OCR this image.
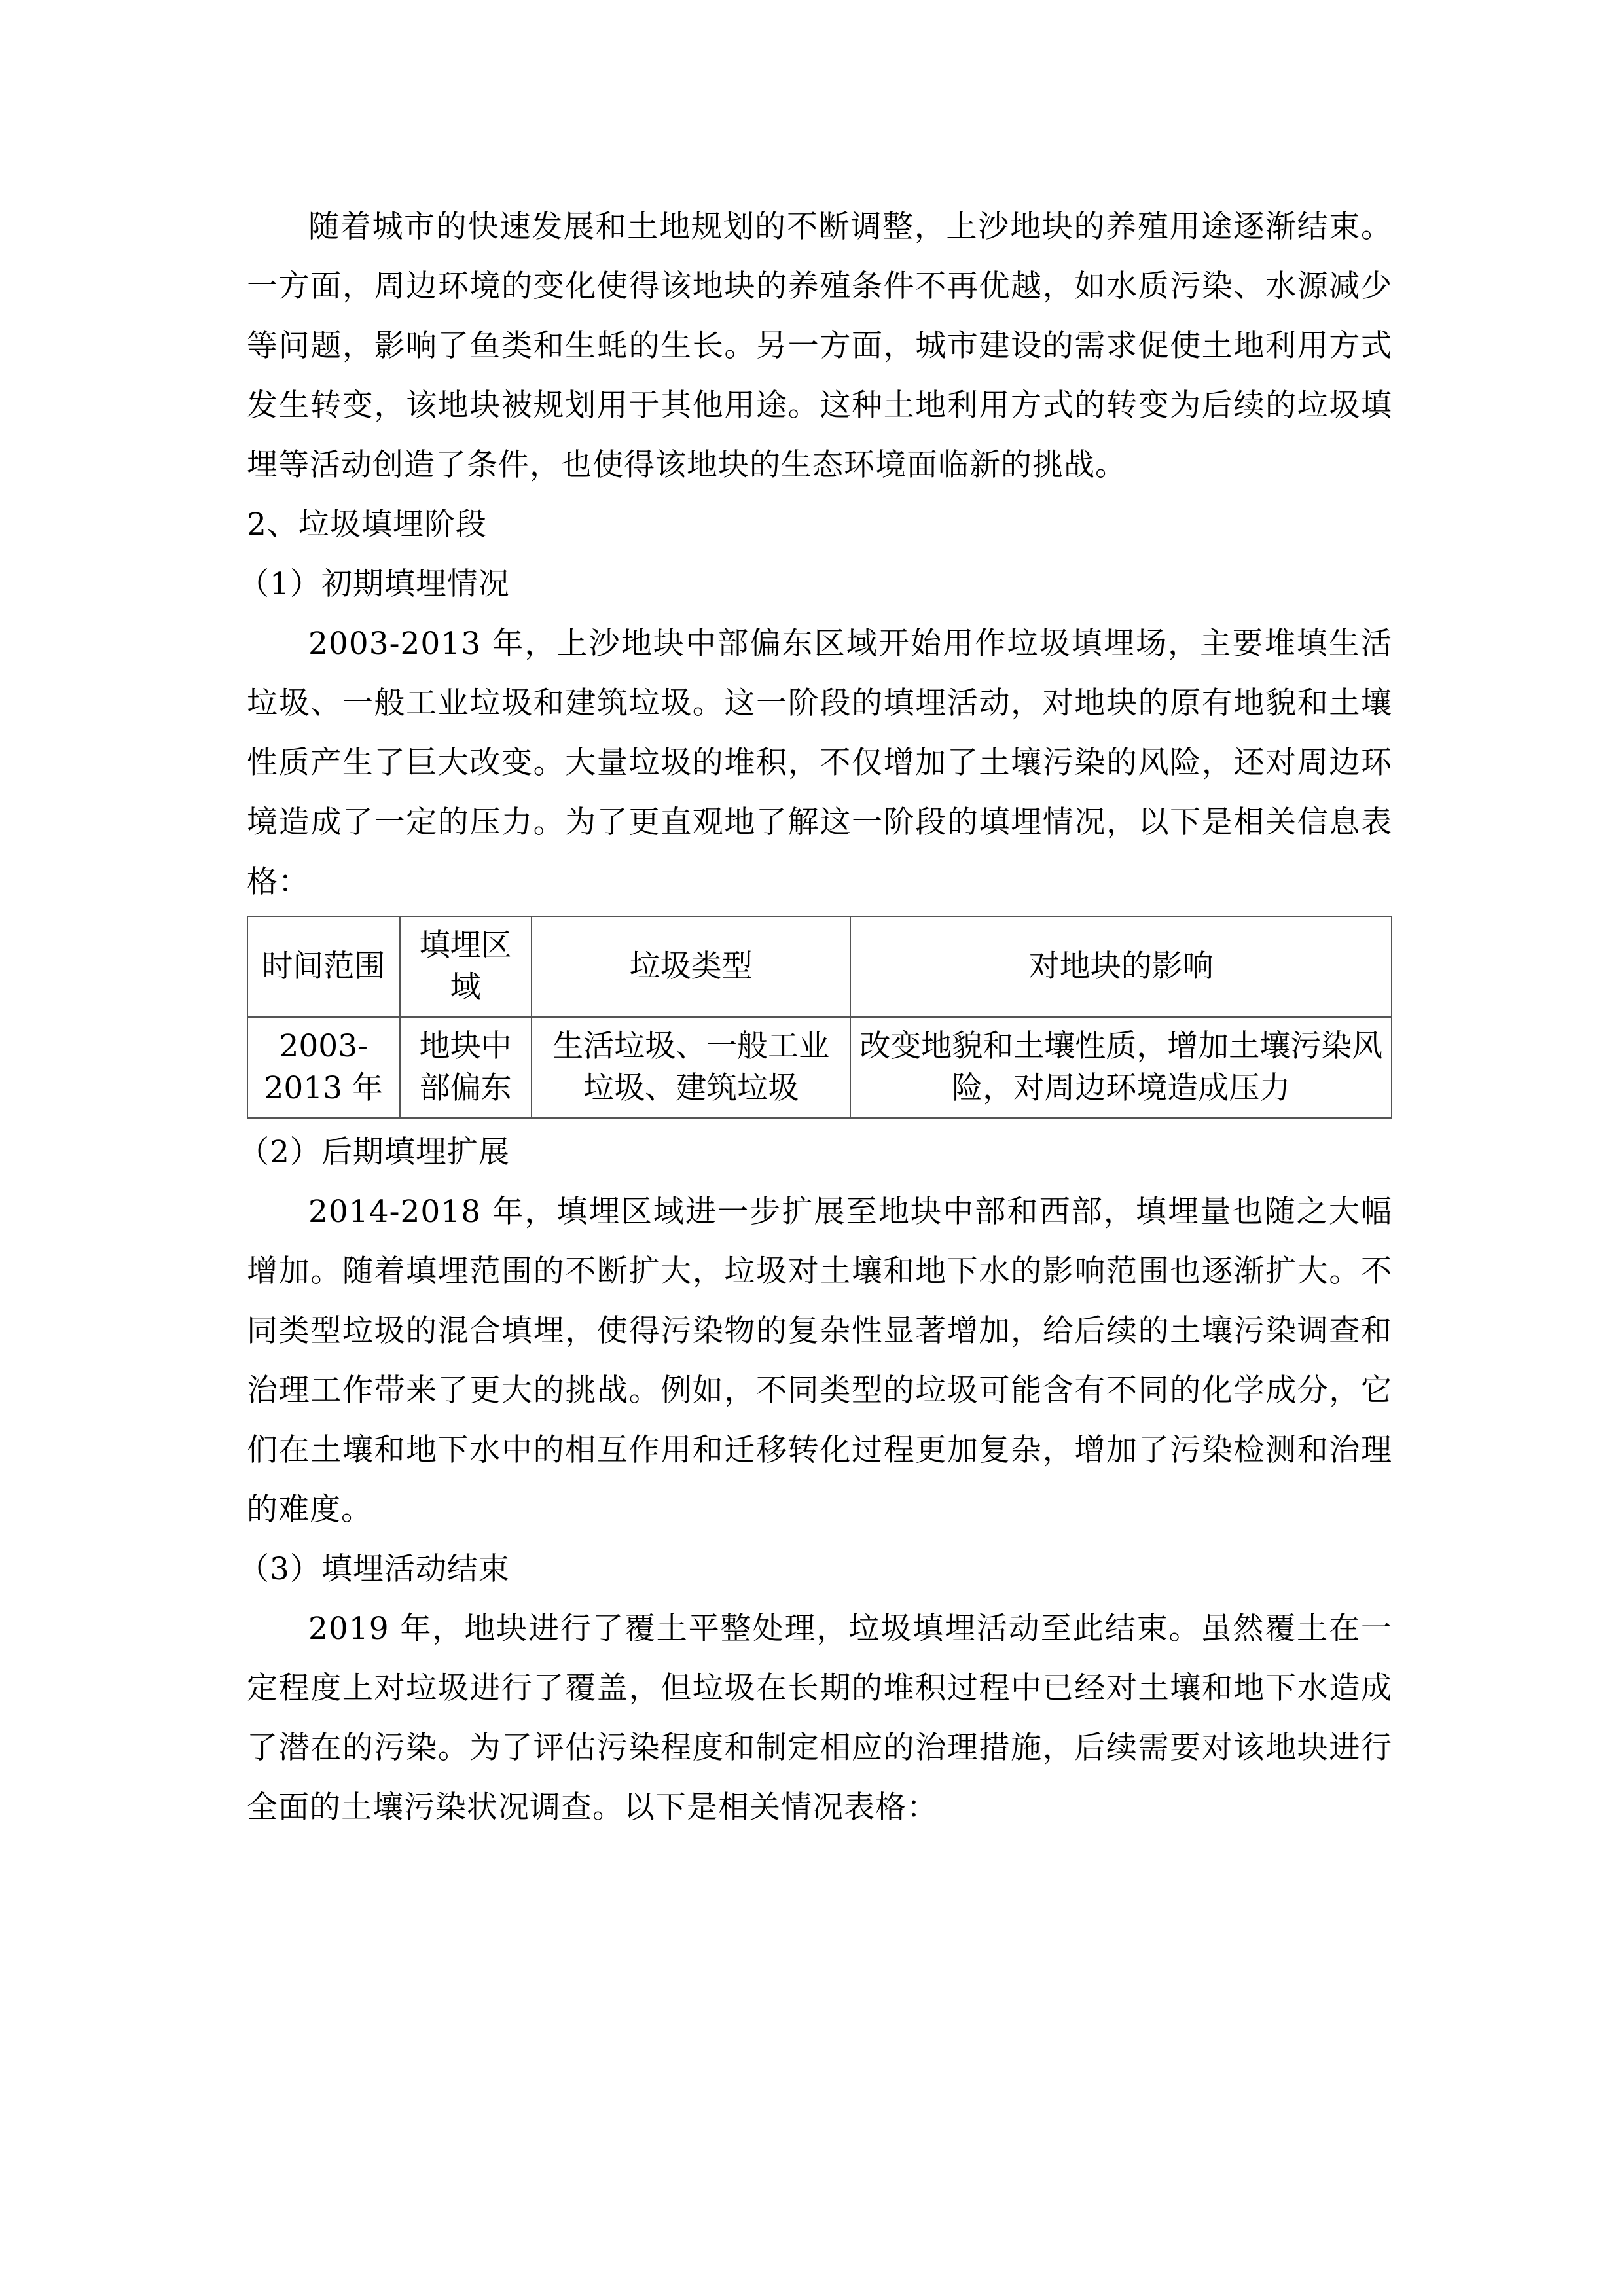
随着城市的快速发展和土地规划的不断调整，上沙地块的养殖用途逐渐结束。一方面，周边环境的变化使得该地块的养殖条件不再优越，如水质污染、水源减少等问题，影响了鱼类和生蚝的生长。另一方面，城市建设的需求促使土地利用方式发生转变，该地块被规划用于其他用途。这种土地利用方式的转变为后续的垃圾填埋等活动创造了条件，也使得该地块的生态环境面临新的挑战。

2、垃圾填埋阶段

（1）初期填埋情况

2003-2013 年，上沙地块中部偏东区域开始用作垃圾填埋场，主要堆填生活垃圾、一般工业垃圾和建筑垃圾。这一阶段的填埋活动，对地块的原有地貌和土壤性质产生了巨大改变。大量垃圾的堆积，不仅增加了土壤污染的风险，还对周边环境造成了一定的压力。为了更直观地了解这一阶段的填埋情况，以下是相关信息表格：

时间范围	填埋区域	垃圾类型	对地块的影响
2003-2013 年	地块中部偏东	生活垃圾、一般工业垃圾、建筑垃圾	改变地貌和土壤性质，增加土壤污染风险，对周边环境造成压力

（2）后期填埋扩展

2014-2018 年，填埋区域进一步扩展至地块中部和西部，填埋量也随之大幅增加。随着填埋范围的不断扩大，垃圾对土壤和地下水的影响范围也逐渐扩大。不同类型垃圾的混合填埋，使得污染物的复杂性显著增加，给后续的土壤污染调查和治理工作带来了更大的挑战。例如，不同类型的垃圾可能含有不同的化学成分，它们在土壤和地下水中的相互作用和迁移转化过程更加复杂，增加了污染检测和治理的难度。

（3）填埋活动结束

2019 年，地块进行了覆土平整处理，垃圾填埋活动至此结束。虽然覆土在一定程度上对垃圾进行了覆盖，但垃圾在长期的堆积过程中已经对土壤和地下水造成了潜在的污染。为了评估污染程度和制定相应的治理措施，后续需要对该地块进行全面的土壤污染状况调查。以下是相关情况表格：
